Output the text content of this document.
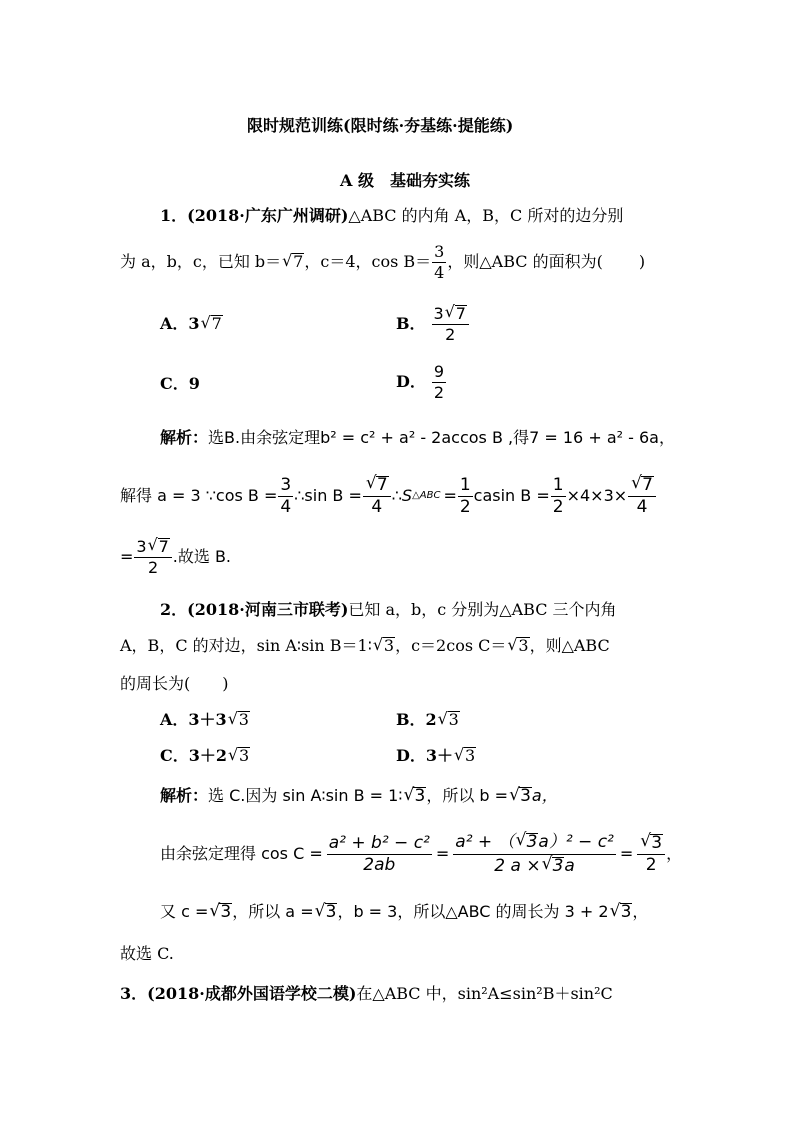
限时规范训练(限时练·夯基练·提能练)
A 级　基础夯实练
1．(2018·广东广州调研)△ABC 的内角 A，B，C 所对的边分别
为 a，b，c，已知 b＝ √ 7 ，c＝4，$\cos B= \frac{3}{4}$ ，则△ABC 的面积为( )
A． 3 √ 7	B． $\frac{3 √ 7}{2}$
C．9	D． $\frac{9}{2}$
解析：选B.由余弦定理b² = c² + a² - 2accos B ,得7 = 16 + a² - 6a，
解得 a = 3 ∵cos $B = \frac{3}{4}$ ∴sin B = √ $\frac{7}{4}$ ∴S △ABC = $\frac{1}{2}$ casin $B = \frac{1}{2} \times 4\times 3\times$ √ $\frac{7}{4}$
= $\frac{3 √ 7}{2}$ .故选 B.
2．(2018·河南三市联考)已知 a，b，c 分别为△ABC 三个内角
A，B，C 的对边，sin A∶sin B＝1∶ √ 3 ，c＝2cos C＝ √ 3 ，则△ABC
的周长为(　　)
A．3＋3 √ 3	B．2 √ 3
C．3＋2 √ 3	D．3＋ √ 3
解析： 选 C.因为 sin A∶sin B = 1∶ √ 3 ，所以 b = √ 3 a，
由余弦定理得 $\cos C = \frac{\text{a² + b² − c²}}{2ab} = \frac{\text{a² + （ √ 3a）² − c²}}{2 a \times √ 3a}$ = √ $\frac{3}{2}$ ，
又 c = √ 3 ，所以 a = √ 3 ，b = 3，所以△ABC 的周长为 3 + 2 √ 3 ，
故选 C.
3．(2018·成都外国语学校二模)在△ABC 中，sin²A≤sin²B＋sin²C
